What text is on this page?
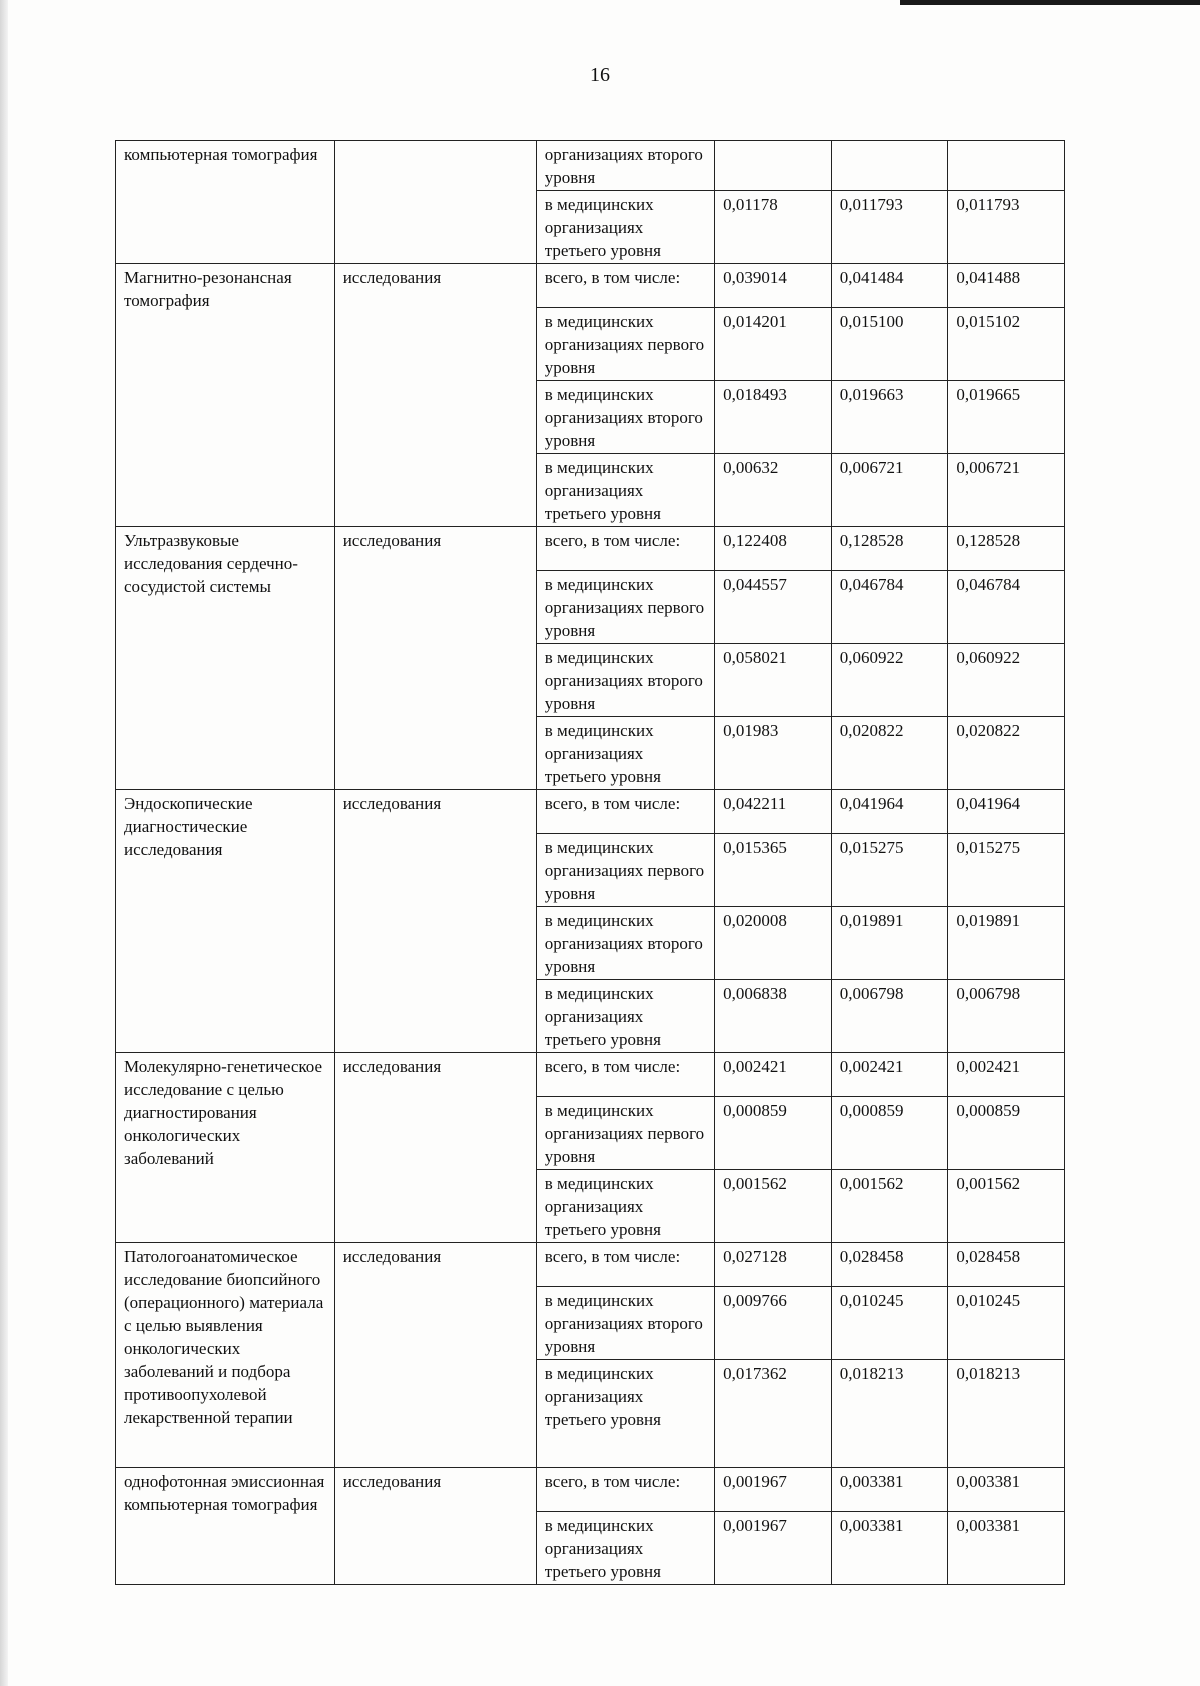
16
компьютерная томография		организациях второго уровня			
		в медицинских организациях третьего уровня	0,01178	0,011793	0,011793
Магнитно-резонансная томография	исследования	всего, в том числе:	0,039014	0,041484	0,041488
		в медицинских организациях первого уровня	0,014201	0,015100	0,015102
		в медицинских организациях второго уровня	0,018493	0,019663	0,019665
		в медицинских организациях третьего уровня	0,00632	0,006721	0,006721
Ультразвуковые исследования сердечно-сосудистой системы	исследования	всего, в том числе:	0,122408	0,128528	0,128528
		в медицинских организациях первого уровня	0,044557	0,046784	0,046784
		в медицинских организациях второго уровня	0,058021	0,060922	0,060922
		в медицинских организациях третьего уровня	0,01983	0,020822	0,020822
Эндоскопические диагностические исследования	исследования	всего, в том числе:	0,042211	0,041964	0,041964
		в медицинских организациях первого уровня	0,015365	0,015275	0,015275
		в медицинских организациях второго уровня	0,020008	0,019891	0,019891
		в медицинских организациях третьего уровня	0,006838	0,006798	0,006798
Молекулярно-генетическое исследование с целью диагностирования онкологических заболеваний	исследования	всего, в том числе:	0,002421	0,002421	0,002421
		в медицинских организациях первого уровня	0,000859	0,000859	0,000859
		в медицинских организациях третьего уровня	0,001562	0,001562	0,001562
Патологоанатомическое исследование биопсийного (операционного) материала с целью выявления онкологических заболеваний и подбора противоопухолевой лекарственной терапии	исследования	всего, в том числе:	0,027128	0,028458	0,028458
		в медицинских организациях второго уровня	0,009766	0,010245	0,010245
		в медицинских организациях третьего уровня	0,017362	0,018213	0,018213
однофотонная эмиссионная компьютерная томография	исследования	всего, в том числе:	0,001967	0,003381	0,003381
		в медицинских организациях третьего уровня	0,001967	0,003381	0,003381
